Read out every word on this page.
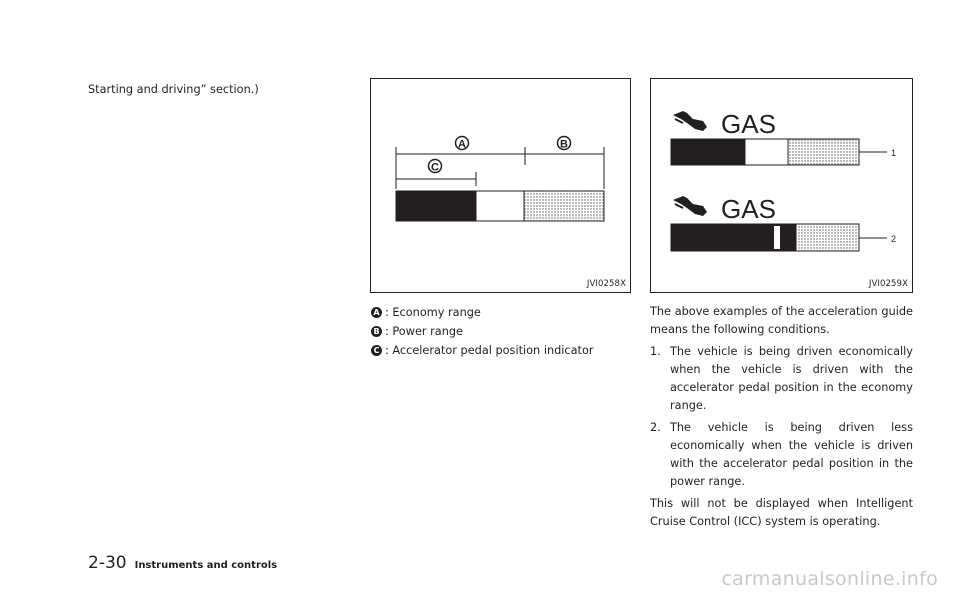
Starting and driving” section.)
A	B
C
JVI0258X
A : Economy range
B : Power range
C : Accelerator pedal position indicator
GAS
1
GAS
2
JVI0259X

The above examples of the acceleration guide means the following conditions.

1. The vehicle is being driven economically when the vehicle is driven with the accelerator pedal position in the economy range.
2. The vehicle is being driven less economically when the vehicle is driven with the accelerator pedal position in the power range.

This will not be displayed when Intelligent Cruise Control (ICC) system is operating.

2-30 Instruments and controls
carmanualsonline.info
